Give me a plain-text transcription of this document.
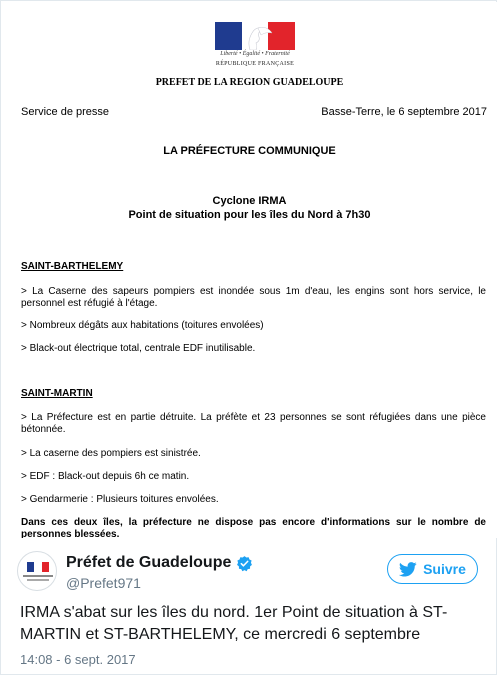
Liberté • Égalité • Fraternité
RÉPUBLIQUE FRANÇAISE
PREFET DE LA REGION GUADELOUPE
Service de presse	Basse-Terre, le 6 septembre 2017
LA PRÉFECTURE COMMUNIQUE
Cyclone IRMA
Point de situation pour les îles du Nord à 7h30
SAINT-BARTHELEMY
> La Caserne des sapeurs pompiers est inondée sous 1m d'eau, les engins sont hors service, le personnel est réfugié à l'étage.
> Nombreux dégâts aux habitations (toitures envolées)
> Black-out électrique total, centrale EDF inutilisable.
SAINT-MARTIN
> La Préfecture est en partie détruite. La préfète et 23 personnes se sont réfugiées dans une pièce bétonnée.
> La caserne des pompiers est sinistrée.
> EDF : Black-out depuis 6h ce matin.
> Gendarmerie : Plusieurs toitures envolées.
Dans ces deux îles, la préfecture ne dispose pas encore d'informations sur le nombre de personnes blessées.
Préfet de Guadeloupe
@Prefet971
Suivre
IRMA s'abat sur les îles du nord. 1er Point de situation à ST-MARTIN et ST-BARTHELEMY, ce mercredi 6 septembre
14:08 - 6 sept. 2017
